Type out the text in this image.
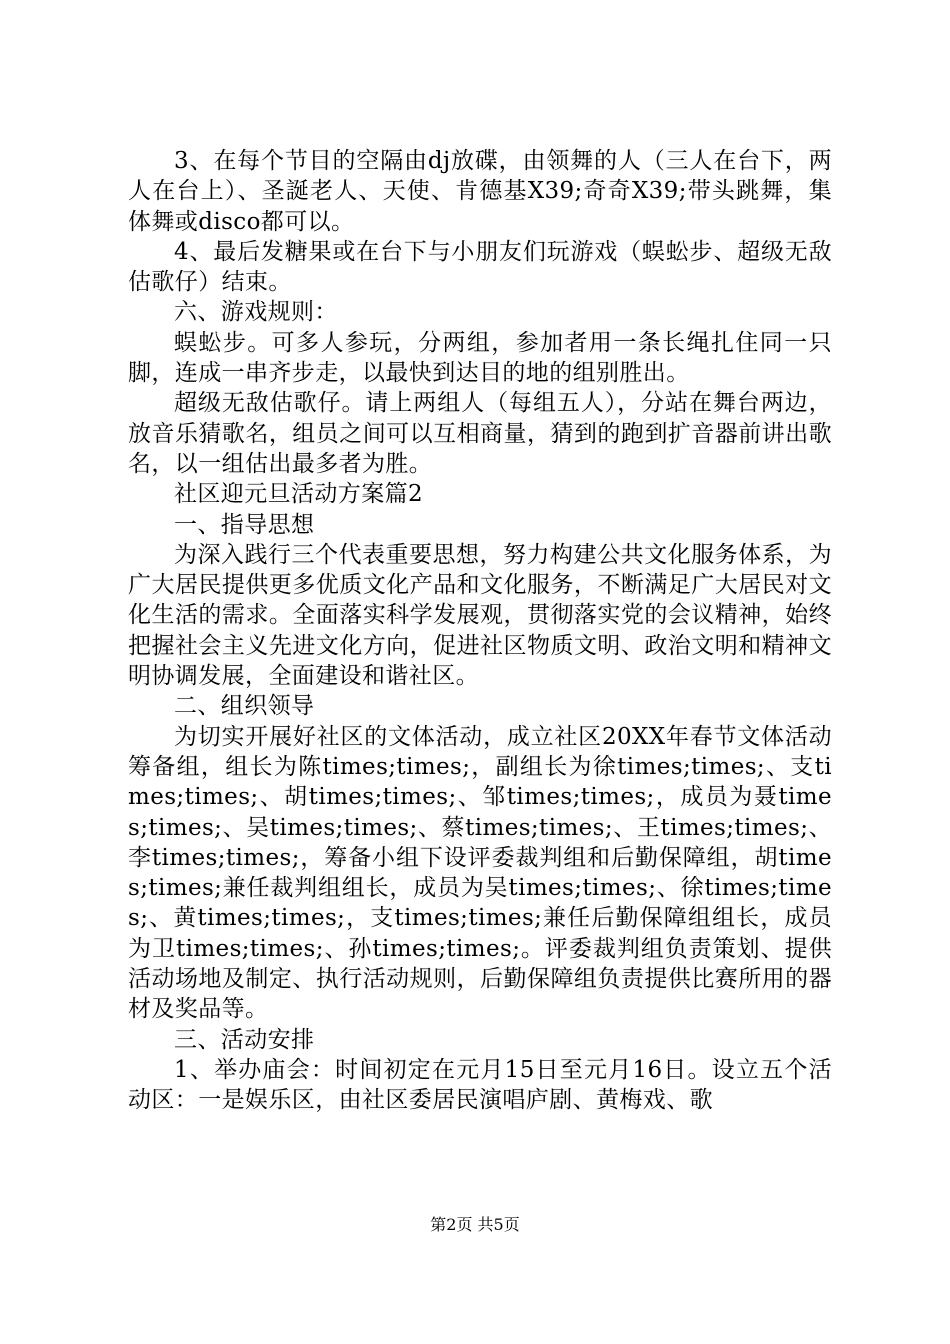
3、在每个节目的空隔由dj放碟，由领舞的人（三人在台下，两人在台上）、圣誕老人、天使、肯德基X39;奇奇X39;带头跳舞，集体舞或disco都可以。

4、最后发糖果或在台下与小朋友们玩游戏（蜈蚣步、超级无敌估歌仔）结束。

六、游戏规则：

蜈蚣步。可多人参玩，分两组，参加者用一条长绳扎住同一只脚，连成一串齐步走，以最快到达目的地的组别胜出。

超级无敌估歌仔。请上两组人（每组五人），分站在舞台两边，放音乐猜歌名，组员之间可以互相商量，猜到的跑到扩音器前讲出歌名，以一组估出最多者为胜。

社区迎元旦活动方案篇2

一、指导思想

为深入践行三个代表重要思想，努力构建公共文化服务体系，为广大居民提供更多优质文化产品和文化服务，不断满足广大居民对文化生活的需求。全面落实科学发展观，贯彻落实党的会议精神，始终把握社会主义先进文化方向，促进社区物质文明、政治文明和精神文明协调发展，全面建设和谐社区。

二、组织领导

为切实开展好社区的文体活动，成立社区20XX年春节文体活动筹备组，组长为陈times;times;，副组长为徐times;times;、支times;times;、胡times;times;、邹times;times;，成员为聂times;times;、吴times;times;、蔡times;times;、王times;times;、李times;times;，筹备小组下设评委裁判组和后勤保障组，胡times;times;兼任裁判组组长，成员为吴times;times;、徐times;times;、黄times;times;，支times;times;兼任后勤保障组组长，成员为卫times;times;、孙times;times;。评委裁判组负责策划、提供活动场地及制定、执行活动规则，后勤保障组负责提供比赛所用的器材及奖品等。

三、活动安排

1、举办庙会：时间初定在元月15日至元月16日。设立五个活动区：一是娱乐区，由社区委居民演唱庐剧、黄梅戏、歌

第2页 共5页
